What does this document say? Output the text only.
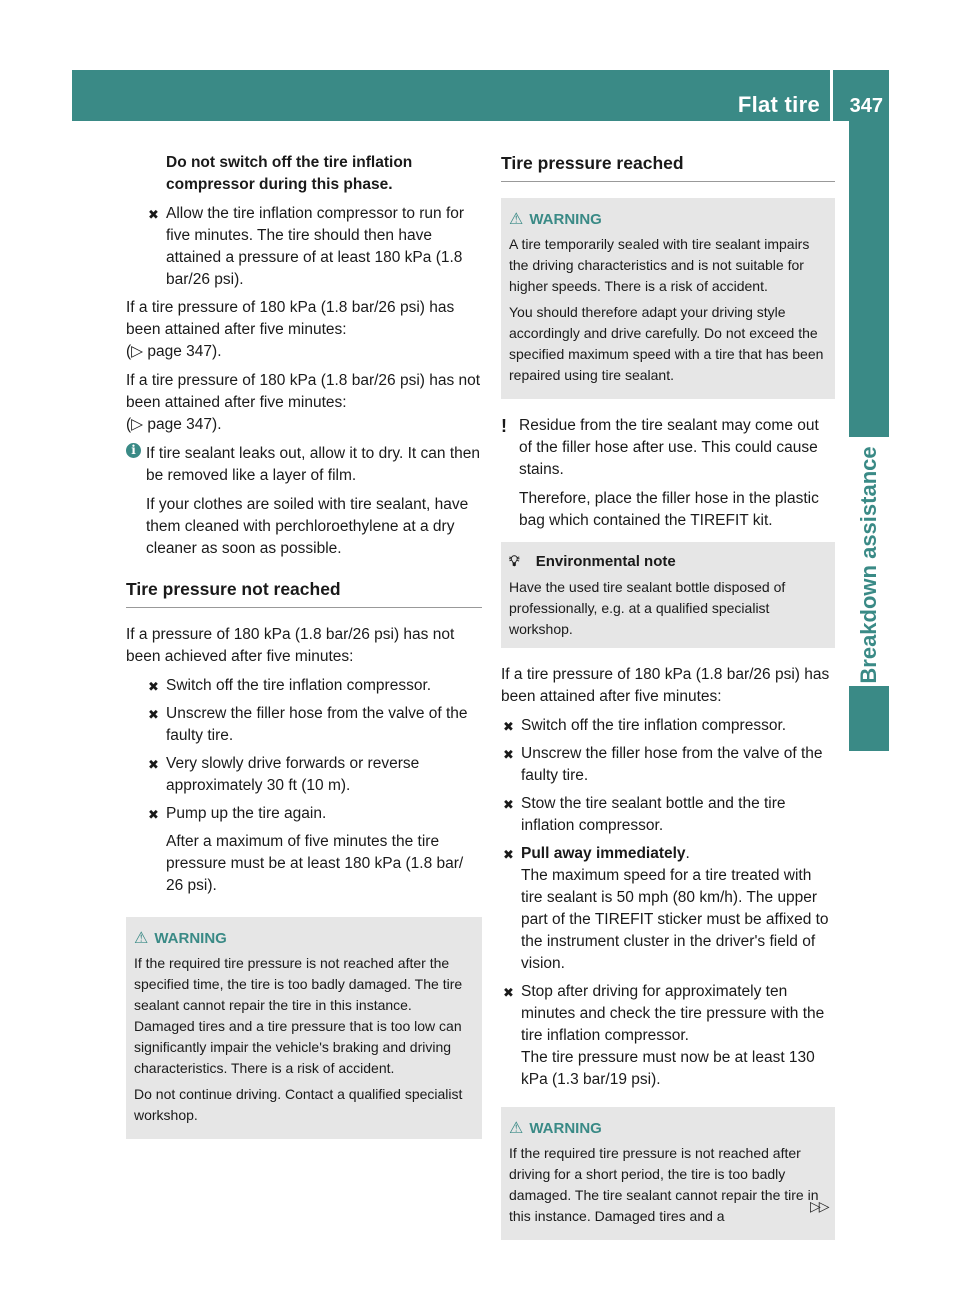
Flat tire 347
Breakdown assistance

Do not switch off the tire inflation compressor during this phase.

✖ Allow the tire inflation compressor to run for five minutes. The tire should then have attained a pressure of at least 180 kPa (1.8 bar/26 psi).

If a tire pressure of 180 kPa (1.8 bar/26 psi) has been attained after five minutes:
(▷ page 347).

If a tire pressure of 180 kPa (1.8 bar/26 psi) has not been attained after five minutes:
(▷ page 347).

i If tire sealant leaks out, allow it to dry. It can then be removed like a layer of film.

If your clothes are soiled with tire sealant, have them cleaned with perchloroethylene at a dry cleaner as soon as possible.

Tire pressure not reached

If a pressure of 180 kPa (1.8 bar/26 psi) has not been achieved after five minutes:

✖ Switch off the tire inflation compressor.
✖ Unscrew the filler hose from the valve of the faulty tire.
✖ Very slowly drive forwards or reverse approximately 30 ft (10 m).
✖ Pump up the tire again.
After a maximum of five minutes the tire pressure must be at least 180 kPa (1.8 bar/ 26 psi).
⚠ WARNING

If the required tire pressure is not reached after the specified time, the tire is too badly damaged. The tire sealant cannot repair the tire in this instance. Damaged tires and a tire pressure that is too low can significantly impair the vehicle's braking and driving characteristics. There is a risk of accident.

Do not continue driving. Contact a qualified specialist workshop.

Tire pressure reached
⚠ WARNING

A tire temporarily sealed with tire sealant impairs the driving characteristics and is not suitable for higher speeds. There is a risk of accident.

You should therefore adapt your driving style accordingly and drive carefully. Do not exceed the specified maximum speed with a tire that has been repaired using tire sealant.

! Residue from the tire sealant may come out of the filler hose after use. This could cause stains.

Therefore, place the filler hose in the plastic bag which contained the TIREFIT kit.

💡︎ Environmental note

Have the used tire sealant bottle disposed of professionally, e.g. at a qualified specialist workshop.

If a tire pressure of 180 kPa (1.8 bar/26 psi) has been attained after five minutes:

✖ Switch off the tire inflation compressor.
✖ Unscrew the filler hose from the valve of the faulty tire.
✖ Stow the tire sealant bottle and the tire inflation compressor.
✖ Pull away immediately.
The maximum speed for a tire treated with tire sealant is 50 mph (80 km/h). The upper part of the TIREFIT sticker must be affixed to the instrument cluster in the driver's field of vision.
✖ Stop after driving for approximately ten minutes and check the tire pressure with the tire inflation compressor.
The tire pressure must now be at least 130 kPa (1.3 bar/19 psi).
⚠ WARNING

If the required tire pressure is not reached after driving for a short period, the tire is too badly damaged. The tire sealant cannot repair the tire in this instance. Damaged tires and a

▷▷
